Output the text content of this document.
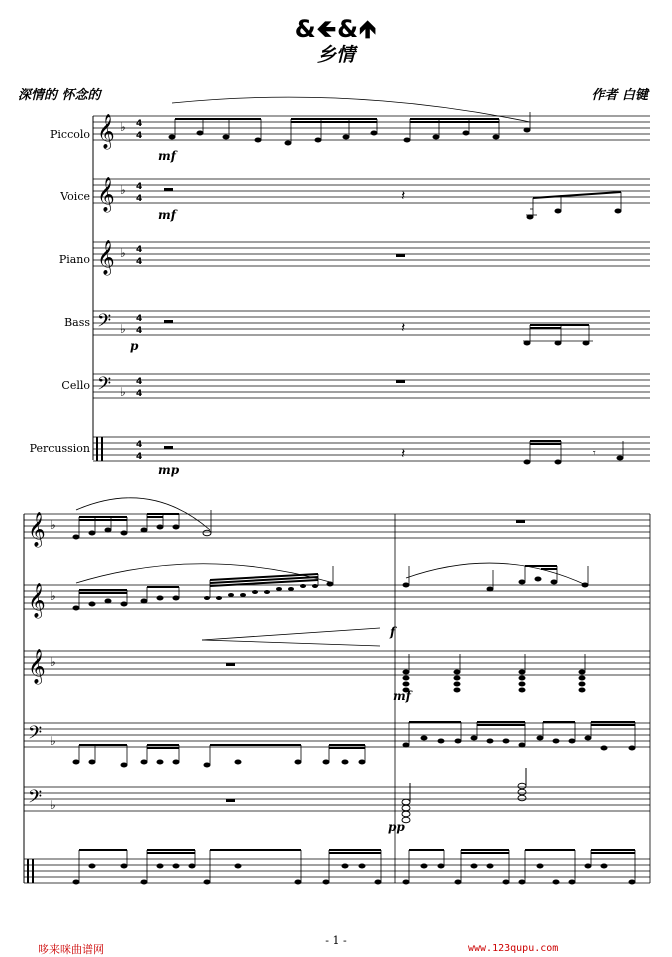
&🡸&🡹
乡情
深情的 怀念的	作者 白键
Piccolo
Voice
Piano
Bass
Cello
Percussion
𝄞
𝄞
𝄞
𝄢
𝄢
♭
♭
♭
♭
♭
4
4
4
4
4
4
4
4
4
4
4
4
mf
𝄽
mf
𝄽
p
𝄽	𝄾
mp
𝄞
𝄞
𝄞
𝄢
𝄢
♭
♭
♭
♭
♭
f
mf
pp
哆来咪曲谱网
- 1 -
www.123qupu.com
